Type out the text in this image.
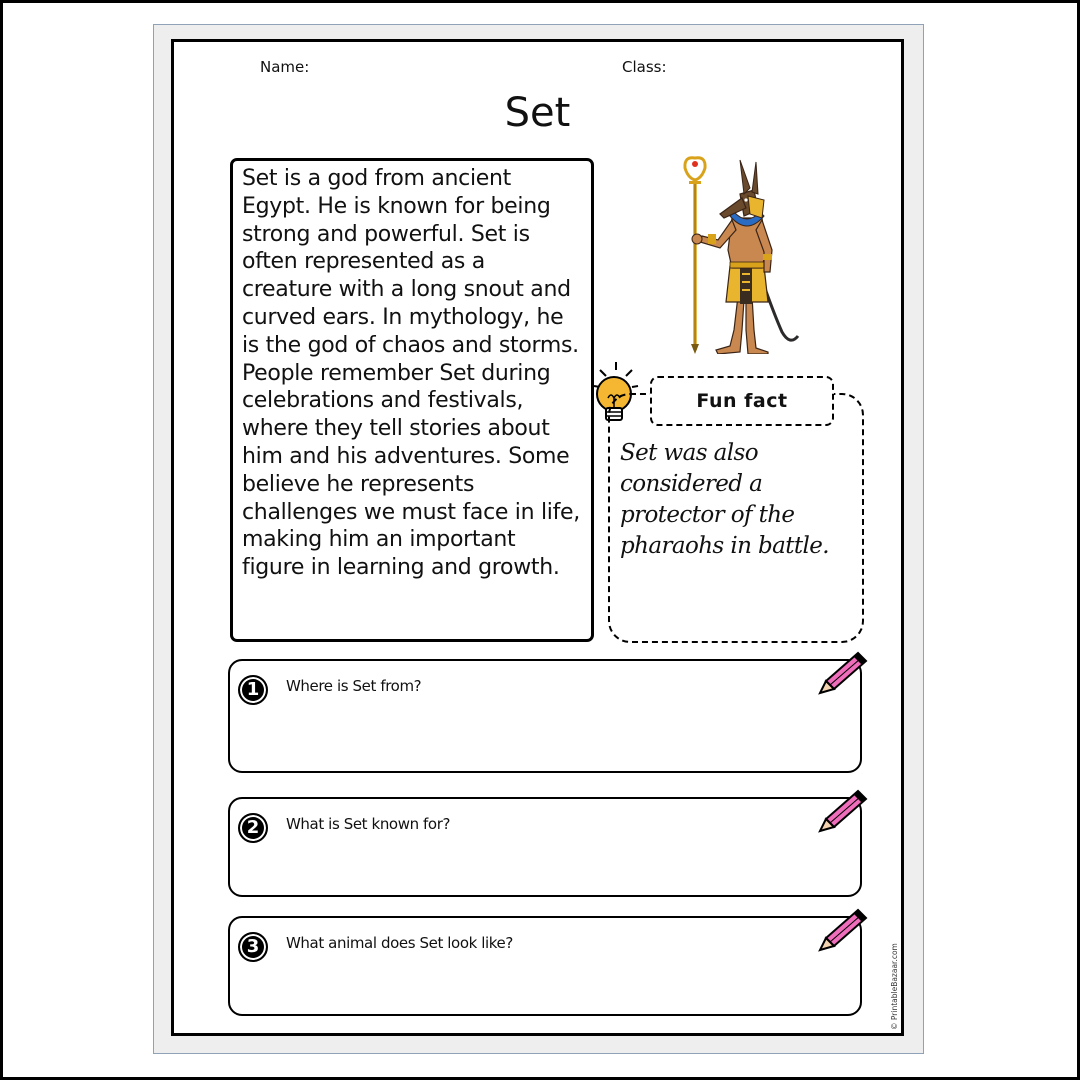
Name:	Class:
Set
Set is a god from ancient Egypt. He is known for being strong and powerful. Set is often represented as a creature with a long snout and curved ears. In mythology, he is the god of chaos and storms. People remember Set during celebrations and festivals, where they tell stories about him and his adventures. Some believe he represents challenges we must face in life, making him an important figure in learning and growth.
Fun fact
Set was also considered a protector of the pharaohs in battle.
1	Where is Set from?
2	What is Set known for?
3	What animal does Set look like?
© PrintableBazaar.com
